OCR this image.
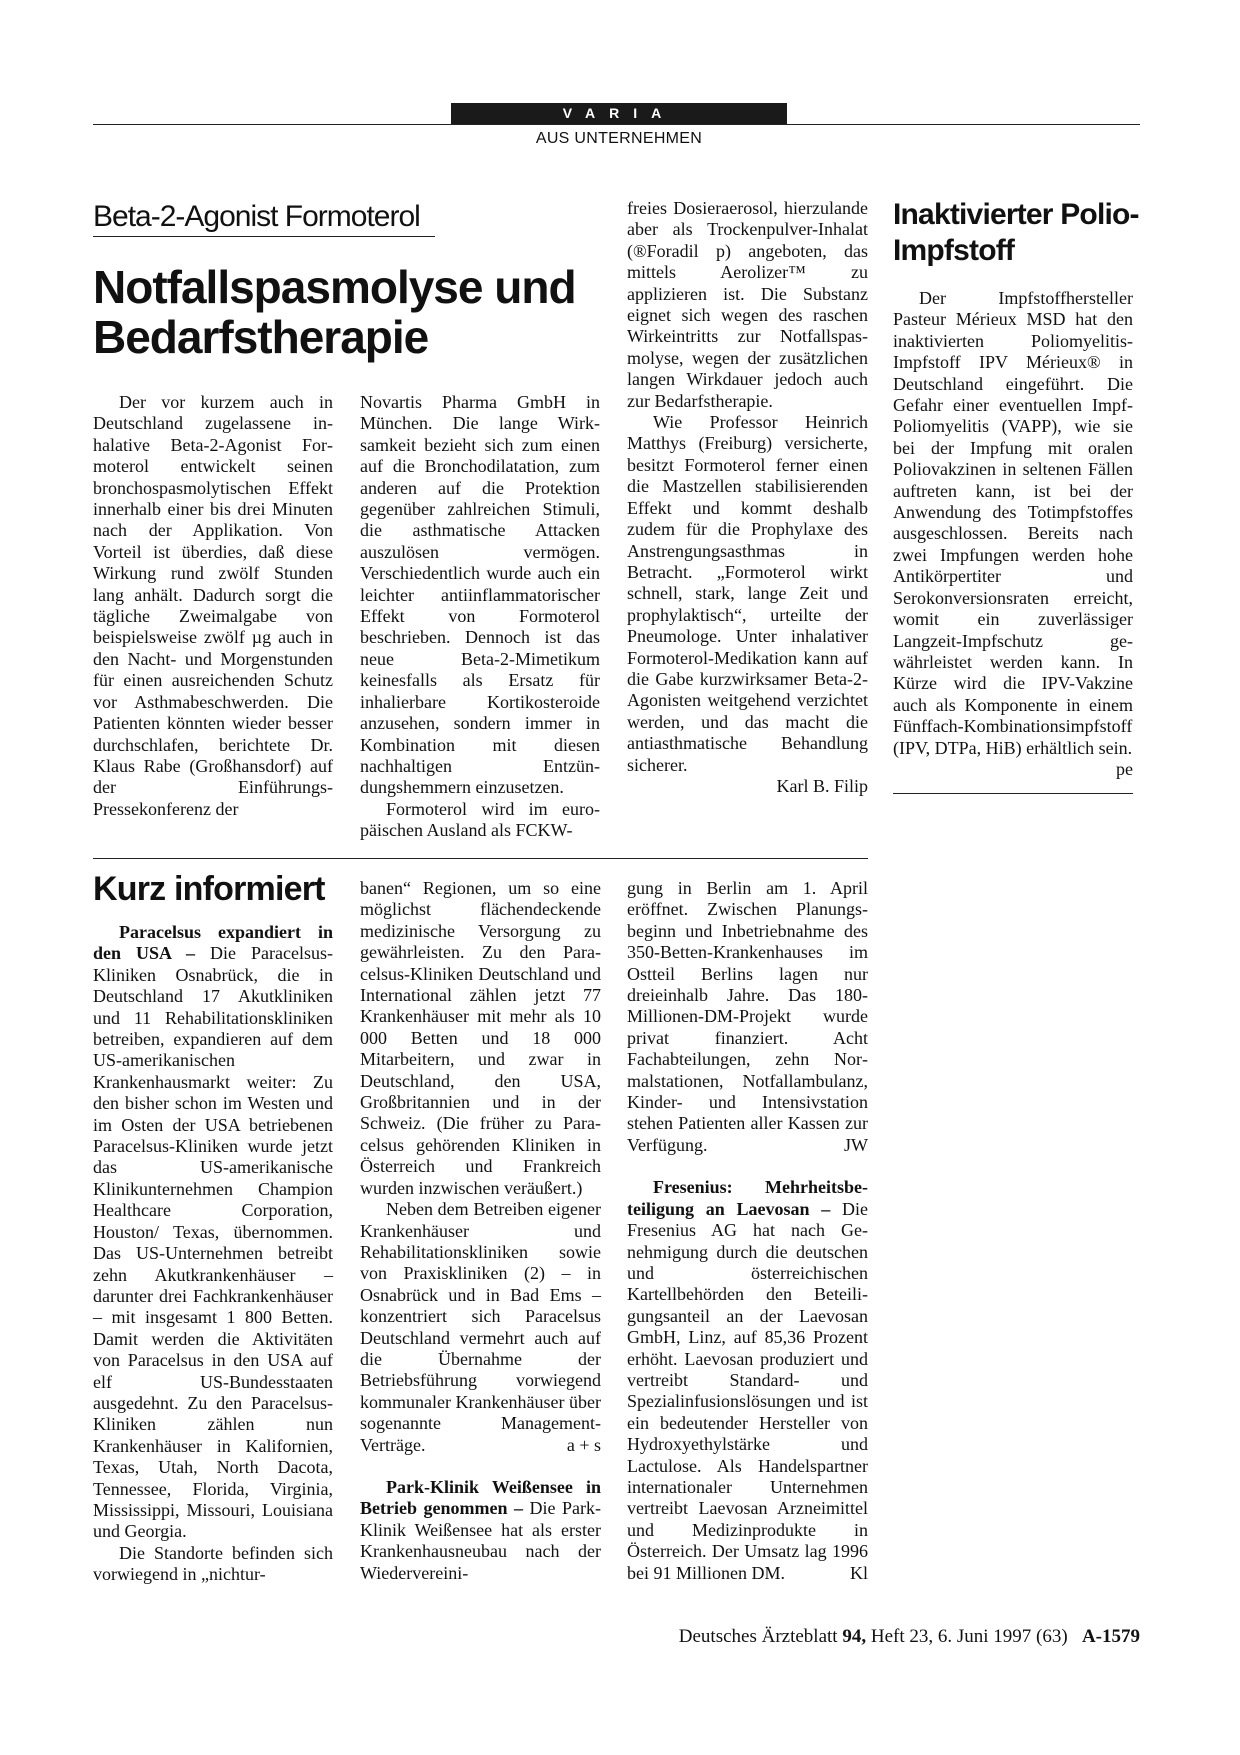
VARIA
AUS UNTERNEHMEN
Beta-2-Agonist Formoterol
Notfallspasmolyse und Bedarfstherapie

Der vor kurzem auch in Deutschland zugelassene inhalative Beta-2-Agonist Formoterol entwickelt seinen bronchospasmolytischen Effekt innerhalb einer bis drei Minuten nach der Applikation. Von Vorteil ist überdies, daß diese Wirkung rund zwölf Stunden lang anhält. Dadurch sorgt die tägliche Zweimalgabe von beispielsweise zwölf µg auch in den Nacht- und Morgenstunden für einen ausreichenden Schutz vor Asthmabeschwerden. Die Patienten könnten wieder besser durchschlafen, berichtete Dr. Klaus Rabe (Großhansdorf) auf der Einführungs-Pressekonferenz der

Novartis Pharma GmbH in München. Die lange Wirksamkeit bezieht sich zum einen auf die Bronchodilatation, zum anderen auf die Protektion gegenüber zahlreichen Stimuli, die asthmatische Attacken auszulösen vermögen. Verschiedentlich wurde auch ein leichter antiinflammatorischer Effekt von Formoterol beschrieben. Dennoch ist das neue Beta-2-Mimetikum keinesfalls als Ersatz für inhalierbare Kortikosteroide anzusehen, sondern immer in Kombination mit diesen nachhaltigen Entzündungshemmern einzusetzen.

Formoterol wird im europäischen Ausland als FCKW-

freies Dosieraerosol, hierzulande aber als Trockenpulver-Inhalat (®Foradil p) angeboten, das mittels Aerolizer™ zu applizieren ist. Die Substanz eignet sich wegen des raschen Wirkeintritts zur Notfallspasmolyse, wegen der zusätzlichen langen Wirkdauer jedoch auch zur Bedarfstherapie.

Wie Professor Heinrich Matthys (Freiburg) versicherte, besitzt Formoterol ferner einen die Mastzellen stabilisierenden Effekt und kommt deshalb zudem für die Prophylaxe des Anstrengungsasthmas in Betracht. „Formoterol wirkt schnell, stark, lange Zeit und prophylaktisch“, urteilte der Pneumologe. Unter inhalativer Formoterol-Medikation kann auf die Gabe kurzwirksamer Beta-2-Agonisten weitgehend verzichtet werden, und das macht die antiasthmatische Behandlung sicherer.

Karl B. Filip

Inaktivierter Polio-Impfstoff

Der Impfstoffhersteller Pasteur Mérieux MSD hat den inaktivierten Poliomyelitis-Impfstoff IPV Mérieux® in Deutschland eingeführt. Die Gefahr einer eventuellen Impf-Poliomyelitis (VAPP), wie sie bei der Impfung mit oralen Poliovakzinen in seltenen Fällen auftreten kann, ist bei der Anwendung des Totimpfstoffes ausgeschlossen. Bereits nach zwei Impfungen werden hohe Antikörpertiter und Serokonversionsraten erreicht, womit ein zuverlässiger Langzeit-Impfschutz gewährleistet werden kann. In Kürze wird die IPV-Vakzine auch als Komponente in einem Fünffach-Kombinationsimpfstoff (IPV, DTPa, HiB) erhältlich sein.
pe

Kurz informiert

Paracelsus expandiert in den USA – Die Paracelsus-Kliniken Osnabrück, die in Deutschland 17 Akutkliniken und 11 Rehabilitationskliniken betreiben, expandieren auf dem US-amerikanischen Krankenhausmarkt weiter: Zu den bisher schon im Westen und im Osten der USA betriebenen Paracelsus-Kliniken wurde jetzt das US-amerikanische Klinikunternehmen Champion Healthcare Corporation, Houston/ Texas, übernommen. Das US-Unternehmen betreibt zehn Akutkrankenhäuser – darunter drei Fachkrankenhäuser – mit insgesamt 1 800 Betten. Damit werden die Aktivitäten von Paracelsus in den USA auf elf US-Bundesstaaten ausgedehnt. Zu den Paracelsus-Kliniken zählen nun Krankenhäuser in Kalifornien, Texas, Utah, North Dacota, Tennessee, Florida, Virginia, Mississippi, Missouri, Louisiana und Georgia.

Die Standorte befinden sich vorwiegend in „nichtur-

banen“ Regionen, um so eine möglichst flächendeckende medizinische Versorgung zu gewährleisten. Zu den Paracelsus-Kliniken Deutschland und International zählen jetzt 77 Krankenhäuser mit mehr als 10 000 Betten und 18 000 Mitarbeitern, und zwar in Deutschland, den USA, Großbritannien und in der Schweiz. (Die früher zu Paracelsus gehörenden Kliniken in Österreich und Frankreich wurden inzwischen veräußert.)

Neben dem Betreiben eigener Krankenhäuser und Rehabilitationskliniken sowie von Praxiskliniken (2) – in Osnabrück und in Bad Ems – konzentriert sich Paracelsus Deutschland vermehrt auch auf die Übernahme der Betriebsführung vorwiegend kommunaler Krankenhäuser über sogenannte Management-Verträge.	a + s

Park-Klinik Weißensee in Betrieb genommen – Die Park-Klinik Weißensee hat als erster Krankenhausneubau nach der Wiedervereini-

gung in Berlin am 1. April eröffnet. Zwischen Planungsbeginn und Inbetriebnahme des 350-Betten-Krankenhauses im Ostteil Berlins lagen nur dreieinhalb Jahre. Das 180-Millionen-DM-Projekt wurde privat finanziert. Acht Fachabteilungen, zehn Normalstationen, Notfallambulanz, Kinder- und Intensivstation stehen Patienten aller Kassen zur Verfügung.	JW

Fresenius: Mehrheitsbeteiligung an Laevosan – Die Fresenius AG hat nach Genehmigung durch die deutschen und österreichischen Kartellbehörden den Beteiligungsanteil an der Laevosan GmbH, Linz, auf 85,36 Prozent erhöht. Laevosan produziert und vertreibt Standard- und Spezialinfusionslösungen und ist ein bedeutender Hersteller von Hydroxyethylstärke und Lactulose. Als Handelspartner internationaler Unternehmen vertreibt Laevosan Arzneimittel und Medizinprodukte in Österreich. Der Umsatz lag 1996 bei 91 Millionen DM.	Kl

Deutsches Ärzteblatt 94, Heft 23, 6. Juni 1997 (63) A-1579
